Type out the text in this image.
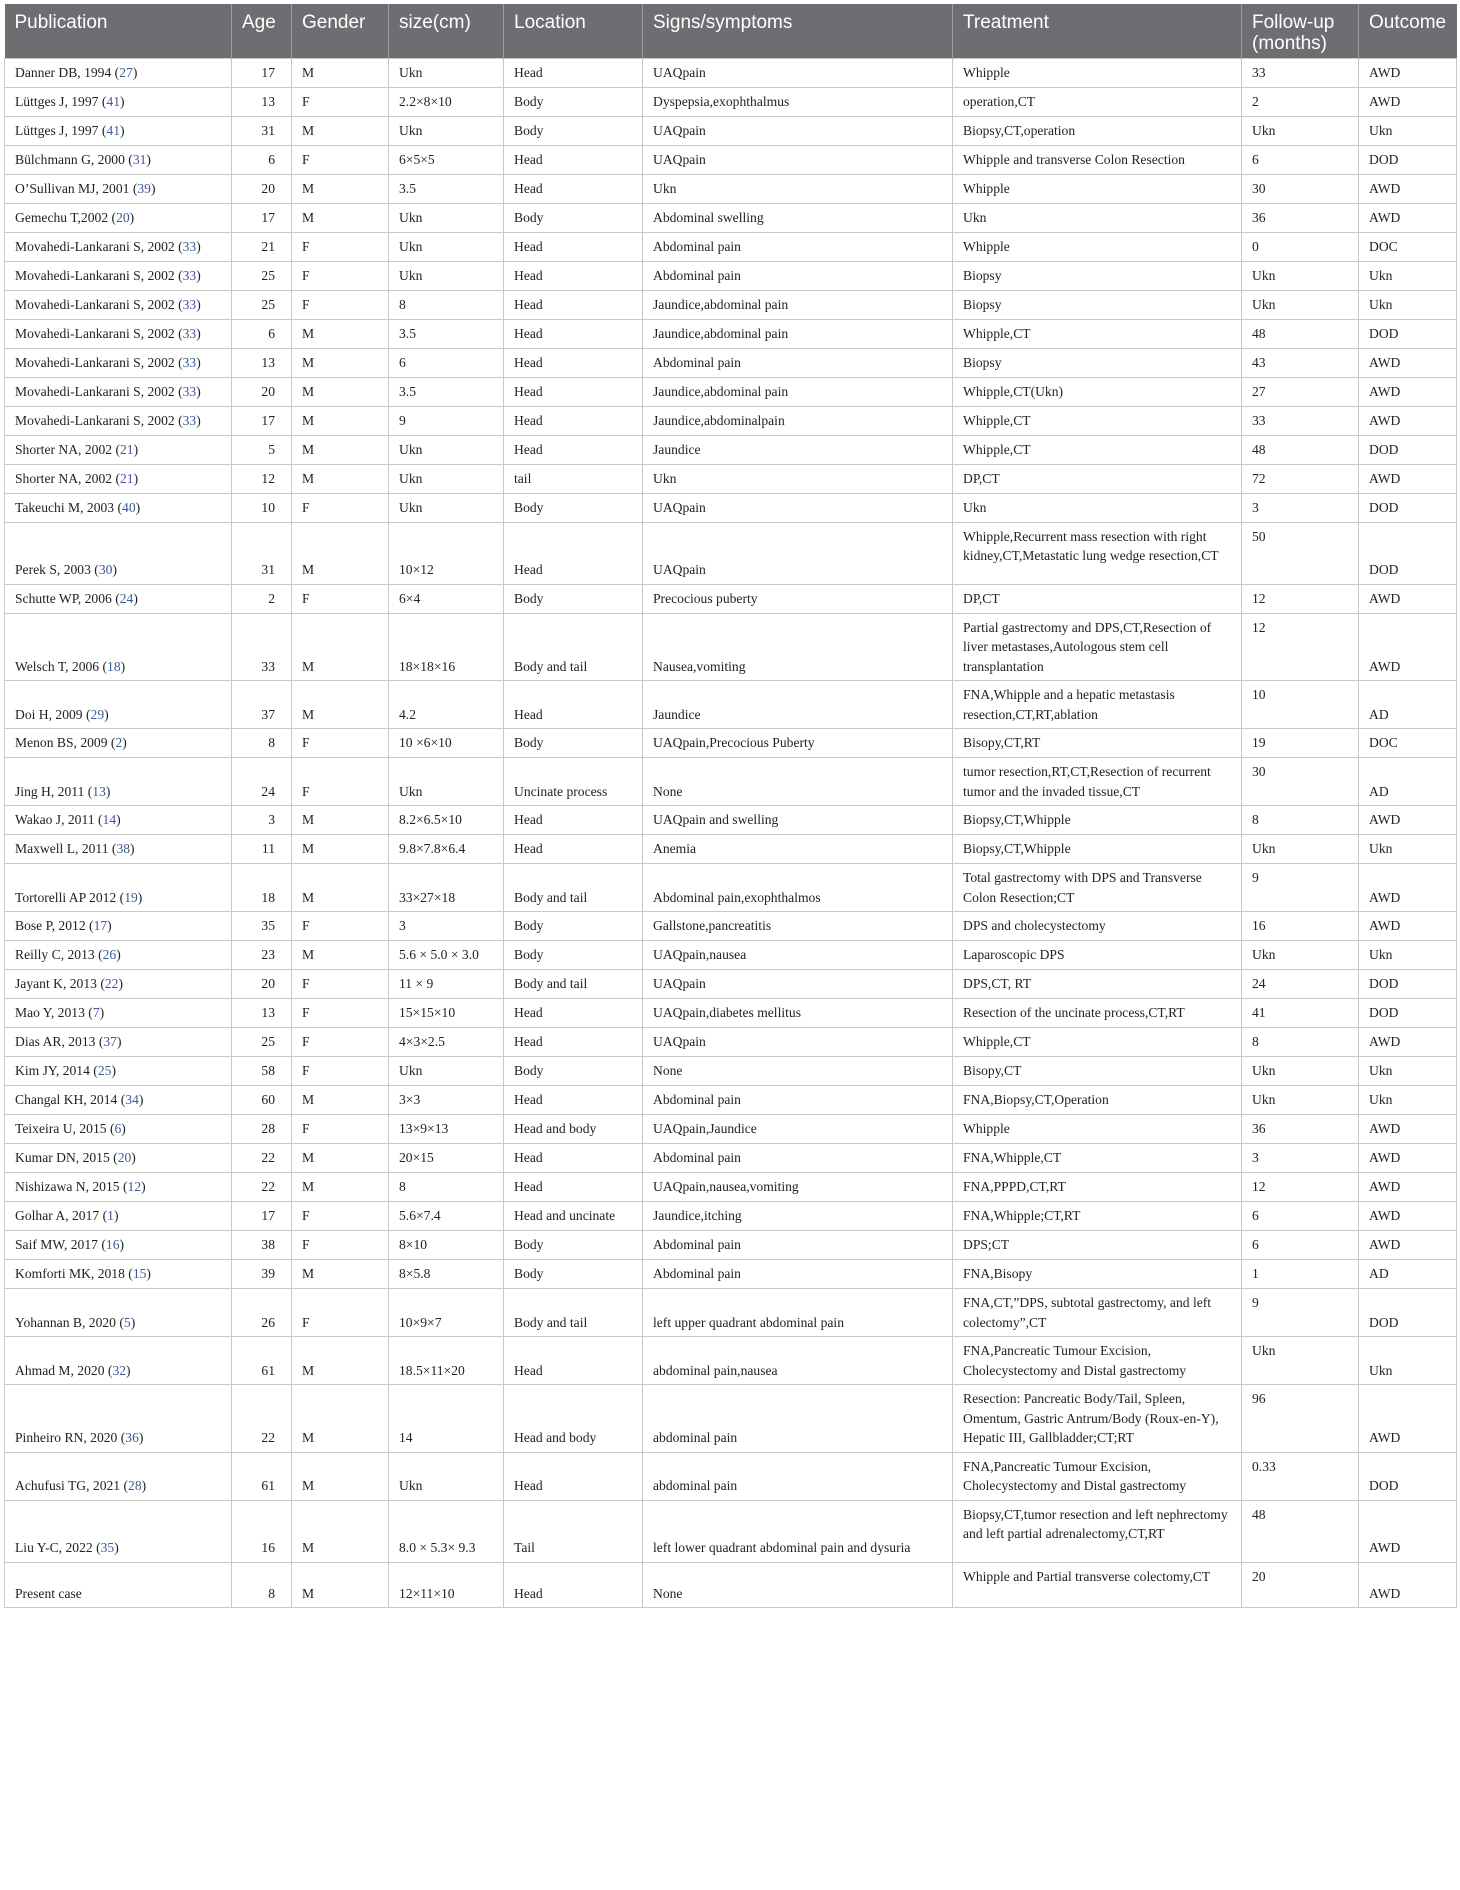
Publication	Age	Gender	size(cm)	Location	Signs/symptoms	Treatment	Follow-up (months)	Outcome
Danner DB, 1994 (27)	17	M	Ukn	Head	UAQpain	Whipple	33	AWD
Lüttges J, 1997 (41)	13	F	2.2×8×10	Body	Dyspepsia,exophthalmus	operation,CT	2	AWD
Lüttges J, 1997 (41)	31	M	Ukn	Body	UAQpain	Biopsy,CT,operation	Ukn	Ukn
Bülchmann G, 2000 (31)	6	F	6×5×5	Head	UAQpain	Whipple and transverse Colon Resection	6	DOD
O’Sullivan MJ, 2001 (39)	20	M	3.5	Head	Ukn	Whipple	30	AWD
Gemechu T,2002 (20)	17	M	Ukn	Body	Abdominal swelling	Ukn	36	AWD
Movahedi-Lankarani S, 2002 (33)	21	F	Ukn	Head	Abdominal pain	Whipple	0	DOC
Movahedi-Lankarani S, 2002 (33)	25	F	Ukn	Head	Abdominal pain	Biopsy	Ukn	Ukn
Movahedi-Lankarani S, 2002 (33)	25	F	8	Head	Jaundice,abdominal pain	Biopsy	Ukn	Ukn
Movahedi-Lankarani S, 2002 (33)	6	M	3.5	Head	Jaundice,abdominal pain	Whipple,CT	48	DOD
Movahedi-Lankarani S, 2002 (33)	13	M	6	Head	Abdominal pain	Biopsy	43	AWD
Movahedi-Lankarani S, 2002 (33)	20	M	3.5	Head	Jaundice,abdominal pain	Whipple,CT(Ukn)	27	AWD
Movahedi-Lankarani S, 2002 (33)	17	M	9	Head	Jaundice,abdominalpain	Whipple,CT	33	AWD
Shorter NA, 2002 (21)	5	M	Ukn	Head	Jaundice	Whipple,CT	48	DOD
Shorter NA, 2002 (21)	12	M	Ukn	tail	Ukn	DP,CT	72	AWD
Takeuchi M, 2003 (40)	10	F	Ukn	Body	UAQpain	Ukn	3	DOD
Perek S, 2003 (30)	31	M	10×12	Head	UAQpain	Whipple,Recurrent mass resection with right kidney,CT,Metastatic lung wedge resection,CT	50	DOD
Schutte WP, 2006 (24)	2	F	6×4	Body	Precocious puberty	DP,CT	12	AWD
Welsch T, 2006 (18)	33	M	18×18×16	Body and tail	Nausea,vomiting	Partial gastrectomy and DPS,CT,Resection of liver metastases,Autologous stem cell transplantation	12	AWD
Doi H, 2009 (29)	37	M	4.2	Head	Jaundice	FNA,Whipple and a hepatic metastasis resection,CT,RT,ablation	10	AD
Menon BS, 2009 (2)	8	F	10 ×6×10	Body	UAQpain,Precocious Puberty	Bisopy,CT,RT	19	DOC
Jing H, 2011 (13)	24	F	Ukn	Uncinate process	None	tumor resection,RT,CT,Resection of recurrent tumor and the invaded tissue,CT	30	AD
Wakao J, 2011 (14)	3	M	8.2×6.5×10	Head	UAQpain and swelling	Biopsy,CT,Whipple	8	AWD
Maxwell L, 2011 (38)	11	M	9.8×7.8×6.4	Head	Anemia	Biopsy,CT,Whipple	Ukn	Ukn
Tortorelli AP 2012 (19)	18	M	33×27×18	Body and tail	Abdominal pain,exophthalmos	Total gastrectomy with DPS and Transverse Colon Resection;CT	9	AWD
Bose P, 2012 (17)	35	F	3	Body	Gallstone,pancreatitis	DPS and cholecystectomy	16	AWD
Reilly C, 2013 (26)	23	M	5.6 × 5.0 × 3.0	Body	UAQpain,nausea	Laparoscopic DPS	Ukn	Ukn
Jayant K, 2013 (22)	20	F	11 × 9	Body and tail	UAQpain	DPS,CT, RT	24	DOD
Mao Y, 2013 (7)	13	F	15×15×10	Head	UAQpain,diabetes mellitus	Resection of the uncinate process,CT,RT	41	DOD
Dias AR, 2013 (37)	25	F	4×3×2.5	Head	UAQpain	Whipple,CT	8	AWD
Kim JY, 2014 (25)	58	F	Ukn	Body	None	Bisopy,CT	Ukn	Ukn
Changal KH, 2014 (34)	60	M	3×3	Head	Abdominal pain	FNA,Biopsy,CT,Operation	Ukn	Ukn
Teixeira U, 2015 (6)	28	F	13×9×13	Head and body	UAQpain,Jaundice	Whipple	36	AWD
Kumar DN, 2015 (20)	22	M	20×15	Head	Abdominal pain	FNA,Whipple,CT	3	AWD
Nishizawa N, 2015 (12)	22	M	8	Head	UAQpain,nausea,vomiting	FNA,PPPD,CT,RT	12	AWD
Golhar A, 2017 (1)	17	F	5.6×7.4	Head and uncinate	Jaundice,itching	FNA,Whipple;CT,RT	6	AWD
Saif MW, 2017 (16)	38	F	8×10	Body	Abdominal pain	DPS;CT	6	AWD
Komforti MK, 2018 (15)	39	M	8×5.8	Body	Abdominal pain	FNA,Bisopy	1	AD
Yohannan B, 2020 (5)	26	F	10×9×7	Body and tail	left upper quadrant abdominal pain	FNA,CT,”DPS, subtotal gastrectomy, and left colectomy”,CT	9	DOD
Ahmad M, 2020 (32)	61	M	18.5×11×20	Head	abdominal pain,nausea	FNA,Pancreatic Tumour Excision, Cholecystectomy and Distal gastrectomy	Ukn	Ukn
Pinheiro RN, 2020 (36)	22	M	14	Head and body	abdominal pain	Resection: Pancreatic Body/Tail, Spleen, Omentum, Gastric Antrum/Body (Roux-en-Y), Hepatic III, Gallbladder;CT;RT	96	AWD
Achufusi TG, 2021 (28)	61	M	Ukn	Head	abdominal pain	FNA,Pancreatic Tumour Excision, Cholecystectomy and Distal gastrectomy	0.33	DOD
Liu Y-C, 2022 (35)	16	M	8.0 × 5.3× 9.3	Tail	left lower quadrant abdominal pain and dysuria	Biopsy,CT,tumor resection and left nephrectomy and left partial adrenalectomy,CT,RT	48	AWD
Present case	8	M	12×11×10	Head	None	Whipple and Partial transverse colectomy,CT	20	AWD
